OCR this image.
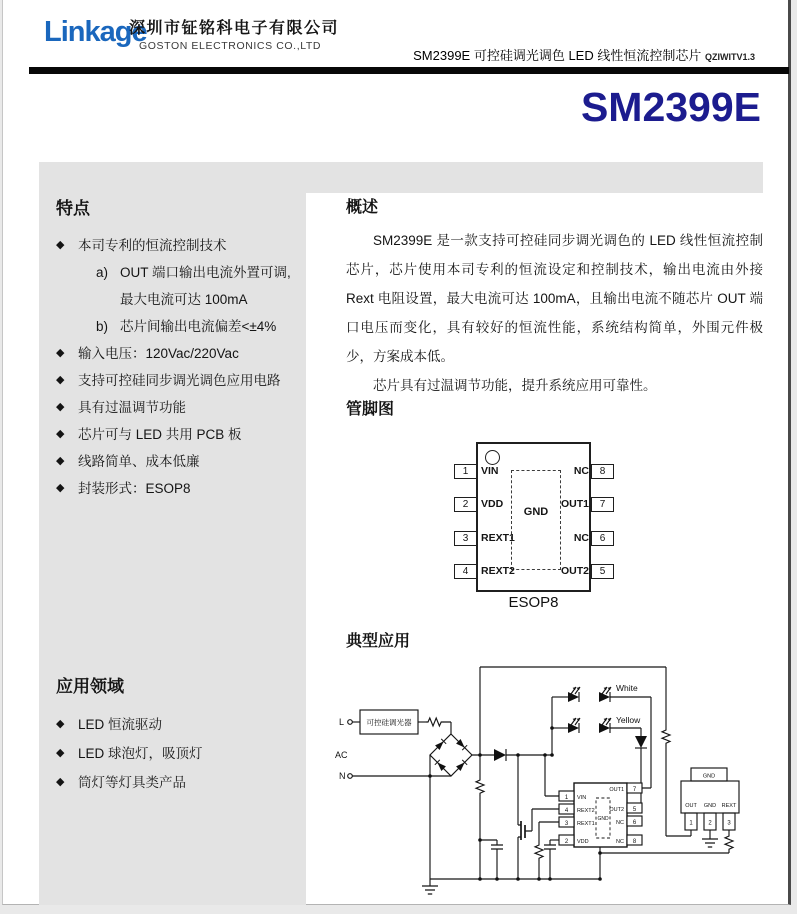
Linkage
深圳市钲铭科电子有限公司
GOSTON ELECTRONICS CO.,LTD
SM2399E 可控硅调光调色 LED 线性恒流控制芯片 QZIWITV1.3
SM2399E
特点
◆	本司专利的恒流控制技术
a) OUT 端口输出电流外置可调,最大电流可达 100mA
b) 芯片间输出电流偏差<±4%
◆	输入电压：120Vac/220Vac
◆	支持可控硅同步调光调色应用电路
◆	具有过温调节功能
◆	芯片可与 LED 共用 PCB 板
◆	线路简单、成本低廉
◆	封装形式：ESOP8
应用领域
◆	LED 恒流驱动
◆	LED 球泡灯，吸顶灯
◆	筒灯等灯具类产品
概述

SM2399E 是一款支持可控硅同步调光调色的 LED 线性恒流控制芯片，芯片使用本司专利的恒流设定和控制技术，输出电流由外接 Rext 电阻设置，最大电流可达 100mA，且输出电流不随芯片 OUT 端口电压而变化，具有较好的恒流性能，系统结构简单，外围元件极少，方案成本低。

芯片具有过温调节功能，提升系统应用可靠性。

管脚图
GND
1
2
3
4
VIN
VDD
REXT1
REXT2
8
7
6
5
NC
OUT1
NC
OUT2
ESOP8
典型应用
L
AC
N
可控硅调光器
White
Yellow
1
4
3
2
VIN
REXT2
REXT1
VDD
OUT1
OUT2
NC
NC
7
5
6
8
GND
GND
OUT GND REXT
1	2	3
